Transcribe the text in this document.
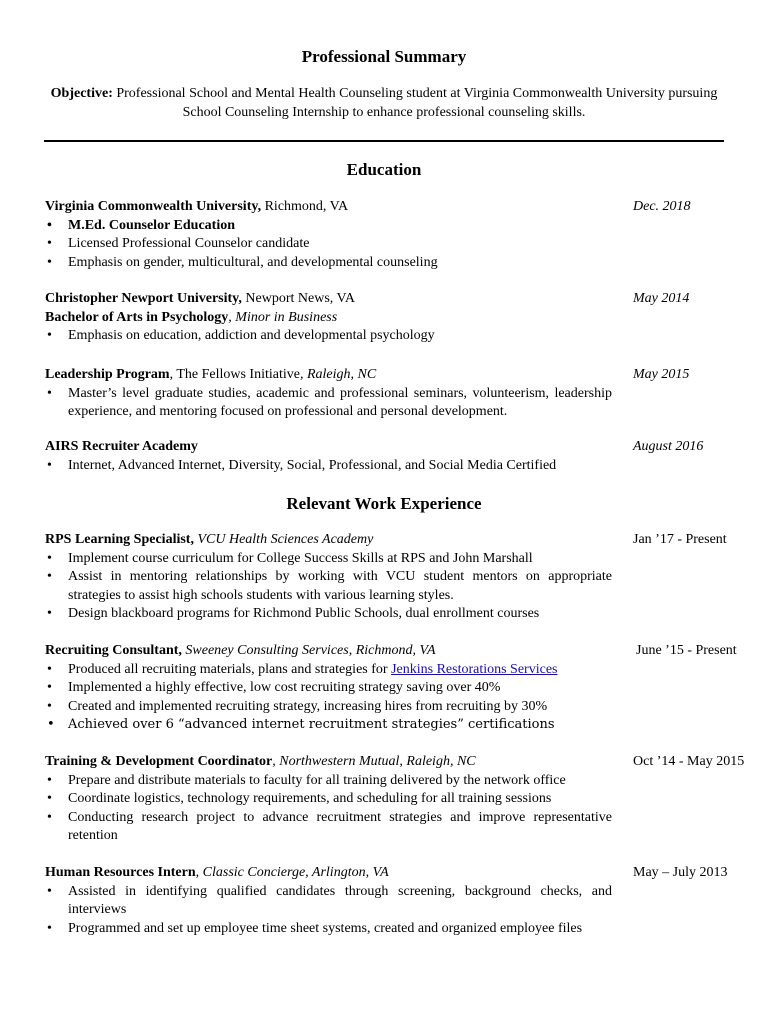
Professional Summary
Objective: Professional School and Mental Health Counseling student at Virginia Commonwealth University pursuing School Counseling Internship to enhance professional counseling skills.
Education
Virginia Commonwealth University, Richmond, VA
• M.Ed. Counselor Education
• Licensed Professional Counselor candidate
• Emphasis on gender, multicultural, and developmental counseling
Dec. 2018
Christopher Newport University, Newport News, VA
Bachelor of Arts in Psychology, Minor in Business
• Emphasis on education, addiction and developmental psychology
May 2014
Leadership Program, The Fellows Initiative, Raleigh, NC
• Master’s level graduate studies, academic and professional seminars, volunteerism, leadership experience, and mentoring focused on professional and personal development.
May 2015
AIRS Recruiter Academy
• Internet, Advanced Internet, Diversity, Social, Professional, and Social Media Certified
August 2016
Relevant Work Experience
RPS Learning Specialist, VCU Health Sciences Academy
• Implement course curriculum for College Success Skills at RPS and John Marshall
• Assist in mentoring relationships by working with VCU student mentors on appropriate strategies to assist high schools students with various learning styles.
• Design blackboard programs for Richmond Public Schools, dual enrollment courses
Jan ’17 - Present
Recruiting Consultant, Sweeney Consulting Services, Richmond, VA
• Produced all recruiting materials, plans and strategies for Jenkins Restorations Services
• Implemented a highly effective, low cost recruiting strategy saving over 40%
• Created and implemented recruiting strategy, increasing hires from recruiting by 30%
• Achieved over 6 “advanced internet recruitment strategies” certifications
June ’15 - Present
Training & Development Coordinator, Northwestern Mutual, Raleigh, NC
• Prepare and distribute materials to faculty for all training delivered by the network office
• Coordinate logistics, technology requirements, and scheduling for all training sessions
• Conducting research project to advance recruitment strategies and improve representative retention
Oct ’14 - May 2015
Human Resources Intern, Classic Concierge, Arlington, VA
• Assisted in identifying qualified candidates through screening, background checks, and interviews
• Programmed and set up employee time sheet systems, created and organized employee files
May – July 2013
